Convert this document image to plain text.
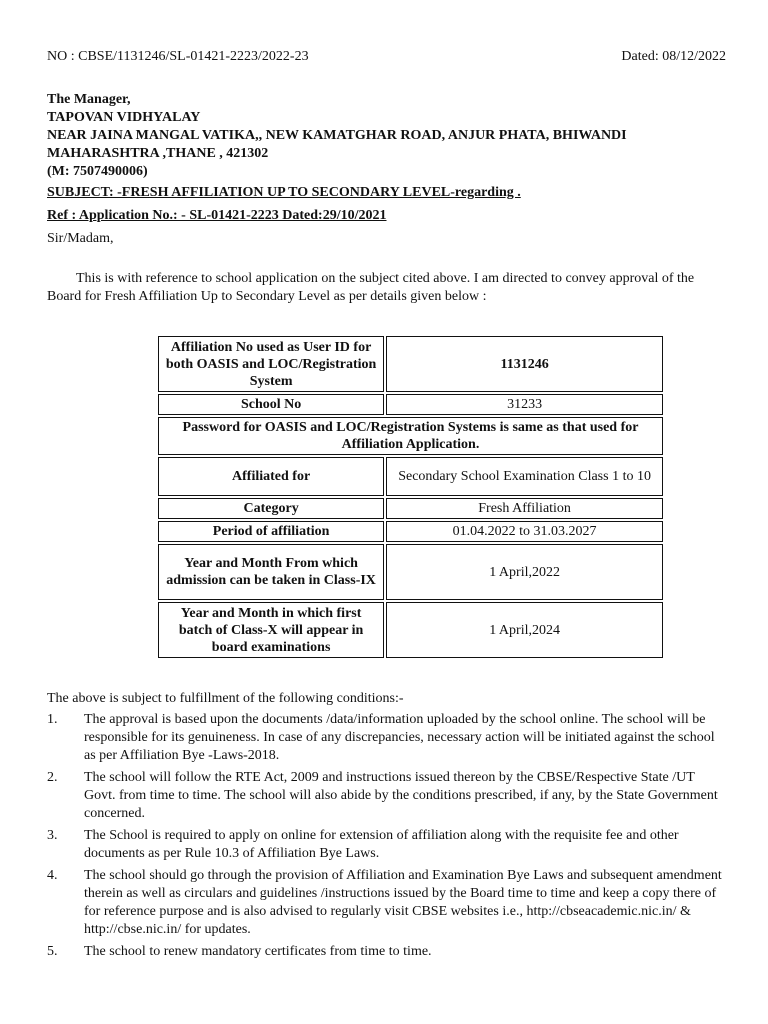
NO : CBSE/1131246/SL-01421-2223/2022-23	Dated: 08/12/2022
The Manager,
TAPOVAN VIDHYALAY
NEAR JAINA MANGAL VATIKA,, NEW KAMATGHAR ROAD, ANJUR PHATA, BHIWANDI
MAHARASHTRA ,THANE , 421302
(M: 7507490006)
SUBJECT: -FRESH AFFILIATION UP TO SECONDARY LEVEL-regarding .
Ref : Application No.: - SL-01421-2223 Dated:29/10/2021
Sir/Madam,
This is with reference to school application on the subject cited above. I am directed to convey approval of the Board for Fresh Affiliation Up to Secondary Level as per details given below :
Affiliation No used as User ID for both OASIS and LOC/Registration System	1131246
School No	31233
Password for OASIS and LOC/Registration Systems is same as that used for Affiliation Application.	
Affiliated for	Secondary School Examination Class 1 to 10
Category	Fresh Affiliation
Period of affiliation	01.04.2022 to 31.03.2027
Year and Month From which admission can be taken in Class-IX	1 April,2022
Year and Month in which first batch of Class-X will appear in board examinations	1 April,2024
The above is subject to fulfillment of the following conditions:-
1.	The approval is based upon the documents /data/information uploaded by the school online. The school will be responsible for its genuineness. In case of any discrepancies, necessary action will be initiated against the school as per Affiliation Bye -Laws-2018.
2.	The school will follow the RTE Act, 2009 and instructions issued thereon by the CBSE/Respective State /UT Govt. from time to time. The school will also abide by the conditions prescribed, if any, by the State Government concerned.
3.	The School is required to apply on online for extension of affiliation along with the requisite fee and other documents as per Rule 10.3 of Affiliation Bye Laws.
4.	The school should go through the provision of Affiliation and Examination Bye Laws and subsequent amendment therein as well as circulars and guidelines /instructions issued by the Board time to time and keep a copy there of for reference purpose and is also advised to regularly visit CBSE websites i.e., http://cbseacademic.nic.in/ & http://cbse.nic.in/ for updates.
5.	The school to renew mandatory certificates from time to time.
